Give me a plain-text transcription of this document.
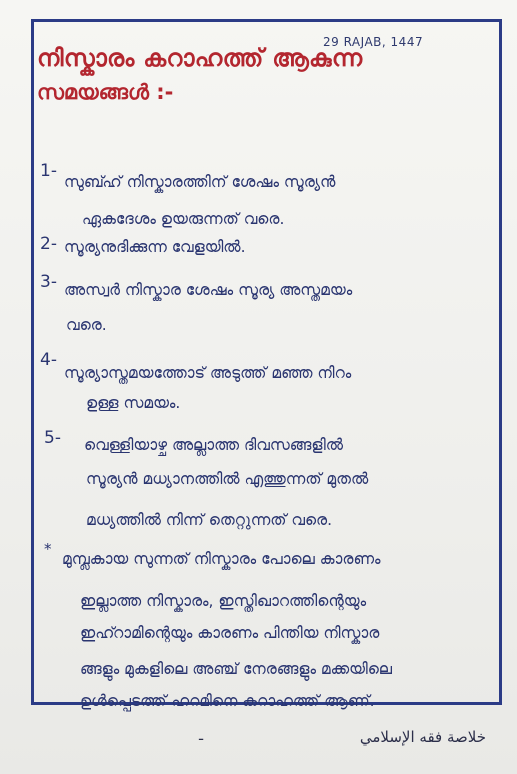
29 RAJAB, 1447
നിസ്കാരം കറാഹത്ത് ആകുന്ന
സമയങ്ങൾ :-
1-
സുബ്ഹ് നിസ്കാരത്തിന് ശേഷം സൂര്യൻ
ഏകദേശം ഉയരുന്നത് വരെ.
2- സൂര്യനുദിക്കുന്ന വേളയിൽ.
3- അസ്വർ നിസ്കാര ശേഷം സൂര്യ അസ്തമയം
വരെ.
4-
സൂര്യാസ്തമയത്തോട് അടുത്ത് മഞ്ഞ നിറം
ഉള്ള സമയം.
5- വെള്ളിയാഴ്ച അല്ലാത്ത ദിവസങ്ങളിൽ
സൂര്യൻ മധ്യാനത്തിൽ എത്തുന്നത് മുതൽ
മധ്യത്തിൽ നിന്ന് തെറ്റുന്നത് വരെ.
*
മുമ്പ്ലകായ സുന്നത് നിസ്കാരം പോലെ കാരണം
ഇല്ലാത്ത നിസ്കാരം, ഇസ്തിഖാറത്തിന്റെയും
ഇഹ്റാമിന്റെയും കാരണം പിന്തിയ നിസ്കാര
ങ്ങളും മുകളിലെ അഞ്ച് നേരങ്ങളും മക്കയിലെ
ഉൾപ്പെടത്ത് ഹറമിനെ കറാഹത്ത് ആണ്.
ـ	خلاصة فقه الإسلامي
